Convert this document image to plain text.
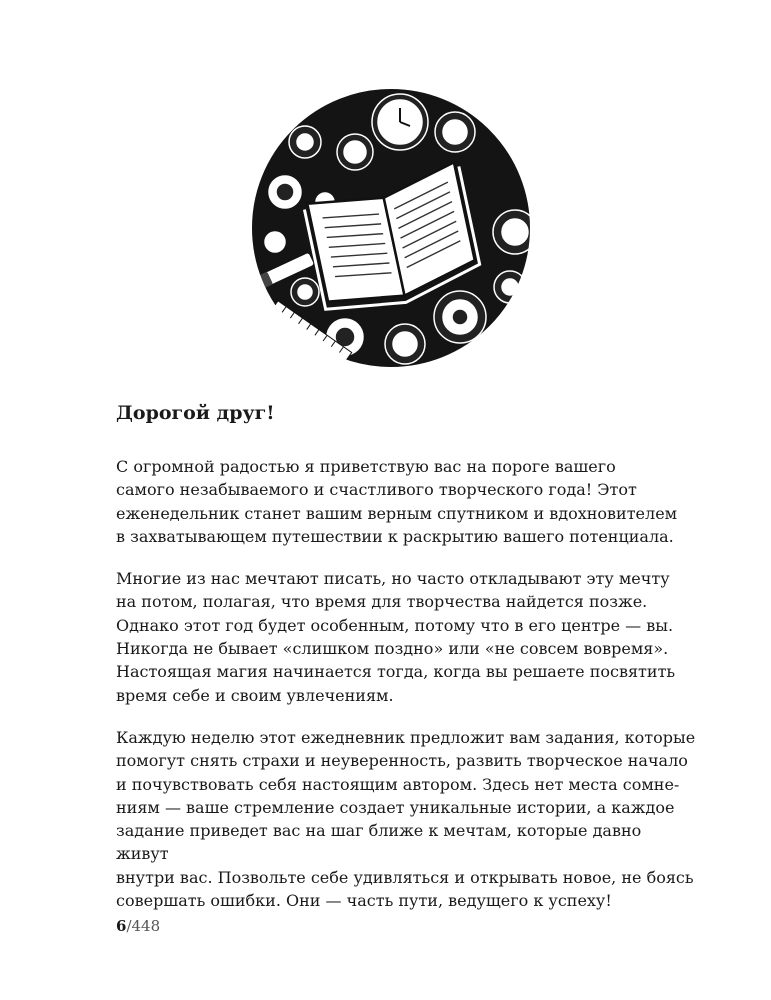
Дорогой друг!

С огромной радостью я приветствую вас на пороге вашего
самого незабываемого и счастливого творческого года! Этот
еженедельник станет вашим верным спутником и вдохновителем
в захватывающем путешествии к раскрытию вашего потенциала.

Многие из нас мечтают писать, но часто откладывают эту мечту
на потом, полагая, что время для творчества найдется позже.
Однако этот год будет особенным, потому что в его центре — вы.
Никогда не бывает «слишком поздно» или «не совсем вовремя».
Настоящая магия начинается тогда, когда вы решаете посвятить
время себе и своим увлечениям.

Каждую неделю этот ежедневник предложит вам задания, которые
помогут снять страхи и неуверенность, развить творческое начало
и почувствовать себя настоящим автором. Здесь нет места сомне-
ниям — ваше стремление создает уникальные истории, а каждое
задание приведет вас на шаг ближе к мечтам, которые давно живут
внутри вас. Позвольте себе удивляться и открывать новое, не боясь
совершать ошибки. Они — часть пути, ведущего к успеху!

6/448
